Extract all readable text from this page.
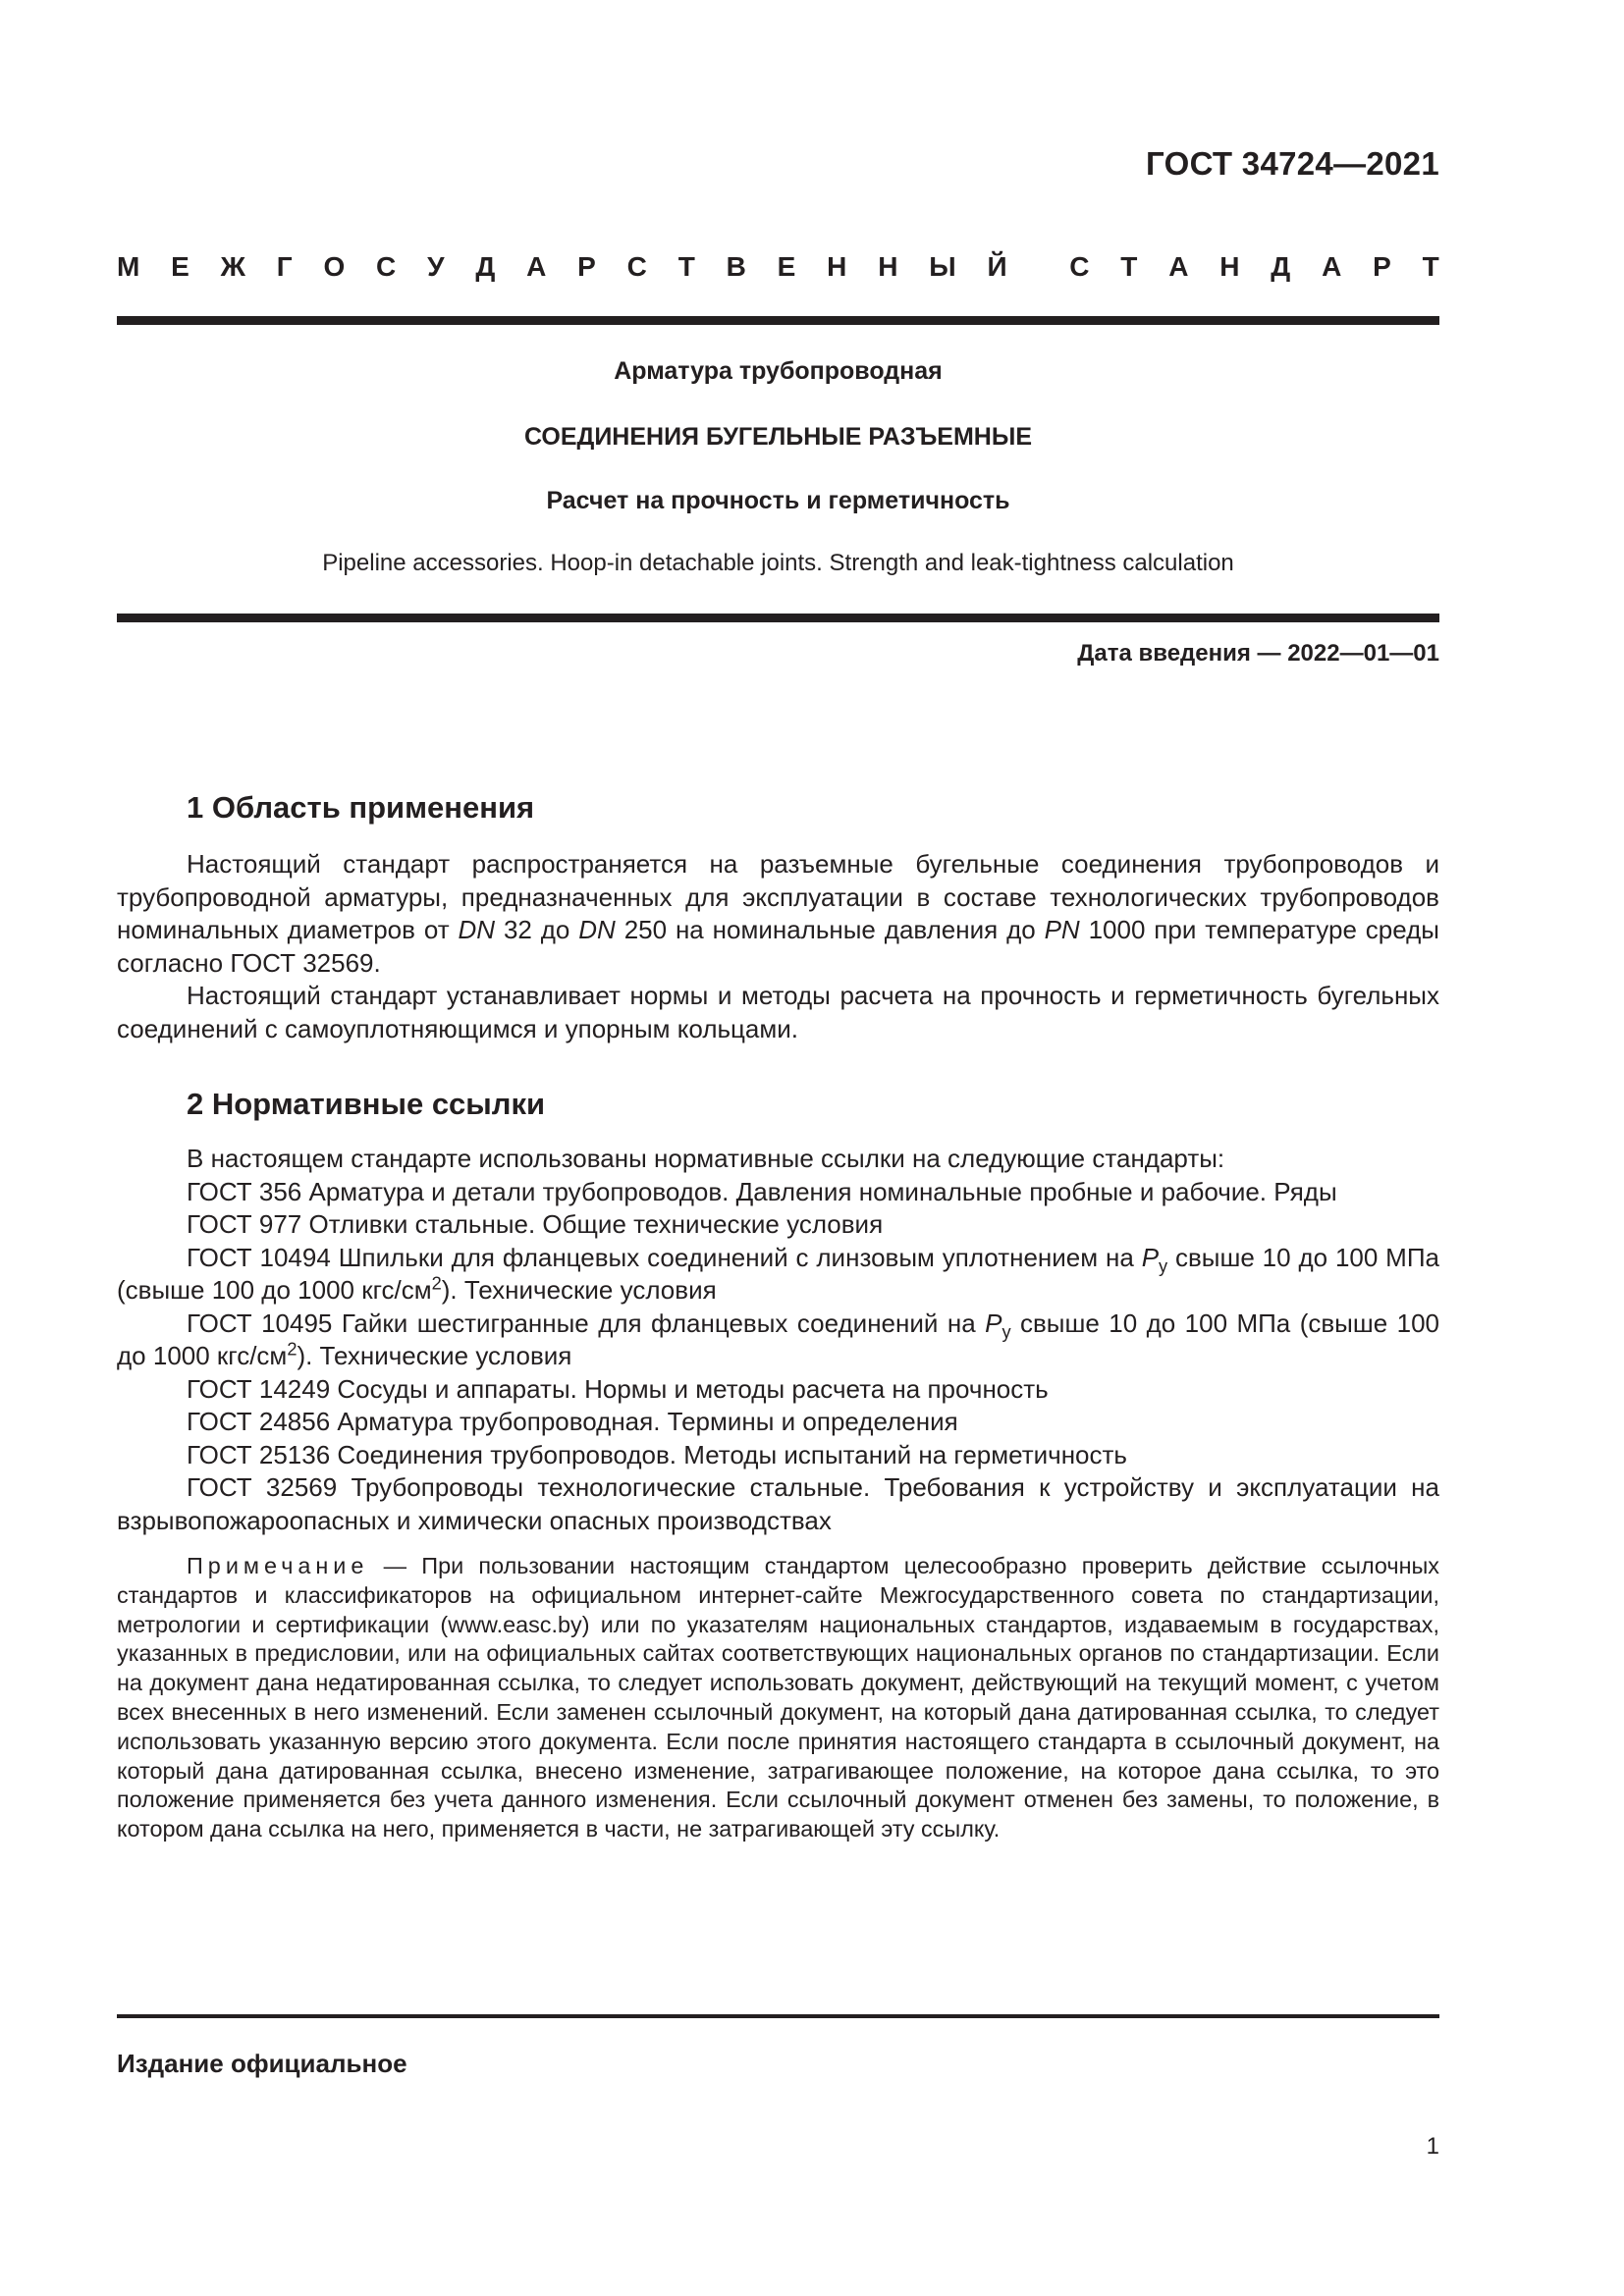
ГОСТ 34724—2021
М Е Ж Г О С У Д А Р С Т В Е Н Н Ы Й С Т А Н Д А Р Т
Арматура трубопроводная
СОЕДИНЕНИЯ БУГЕЛЬНЫЕ РАЗЪЕМНЫЕ
Расчет на прочность и герметичность
Pipeline accessories. Hoop-in detachable joints. Strength and leak-tightness calculation
Дата введения — 2022—01—01
1 Область применения

Настоящий стандарт распространяется на разъемные бугельные соединения трубопроводов и трубопроводной арматуры, предназначенных для эксплуатации в составе технологических трубопроводов номинальных диаметров от DN 32 до DN 250 на номинальные давления до PN 1000 при температуре среды согласно ГОСТ 32569.

Настоящий стандарт устанавливает нормы и методы расчета на прочность и герметичность бугельных соединений с самоуплотняющимся и упорным кольцами.

2 Нормативные ссылки

В настоящем стандарте использованы нормативные ссылки на следующие стандарты:

ГОСТ 356 Арматура и детали трубопроводов. Давления номинальные пробные и рабочие. Ряды

ГОСТ 977 Отливки стальные. Общие технические условия

ГОСТ 10494 Шпильки для фланцевых соединений с линзовым уплотнением на $P_у$ свыше 10 до 100 МПа (свыше 100 до 1000 кгс/$см^2$). Технические условия

ГОСТ 10495 Гайки шестигранные для фланцевых соединений на $P_у$ свыше 10 до 100 МПа (свыше 100 до 1000 кгс/$см^2$). Технические условия

ГОСТ 14249 Сосуды и аппараты. Нормы и методы расчета на прочность

ГОСТ 24856 Арматура трубопроводная. Термины и определения

ГОСТ 25136 Соединения трубопроводов. Методы испытаний на герметичность

ГОСТ 32569 Трубопроводы технологические стальные. Требования к устройству и эксплуатации на взрывопожароопасных и химически опасных производствах

Примечание — При пользовании настоящим стандартом целесообразно проверить действие ссылочных стандартов и классификаторов на официальном интернет-сайте Межгосударственного совета по стандартизации, метрологии и сертификации (www.easc.by) или по указателям национальных стандартов, издаваемым в государствах, указанных в предисловии, или на официальных сайтах соответствующих национальных органов по стандартизации. Если на документ дана недатированная ссылка, то следует использовать документ, действующий на текущий момент, с учетом всех внесенных в него изменений. Если заменен ссылочный документ, на который дана датированная ссылка, то следует использовать указанную версию этого документа. Если после принятия настоящего стандарта в ссылочный документ, на который дана датированная ссылка, внесено изменение, затрагивающее положение, на которое дана ссылка, то это положение применяется без учета данного изменения. Если ссылочный документ отменен без замены, то положение, в котором дана ссылка на него, применяется в части, не затрагивающей эту ссылку.

Издание официальное
1
